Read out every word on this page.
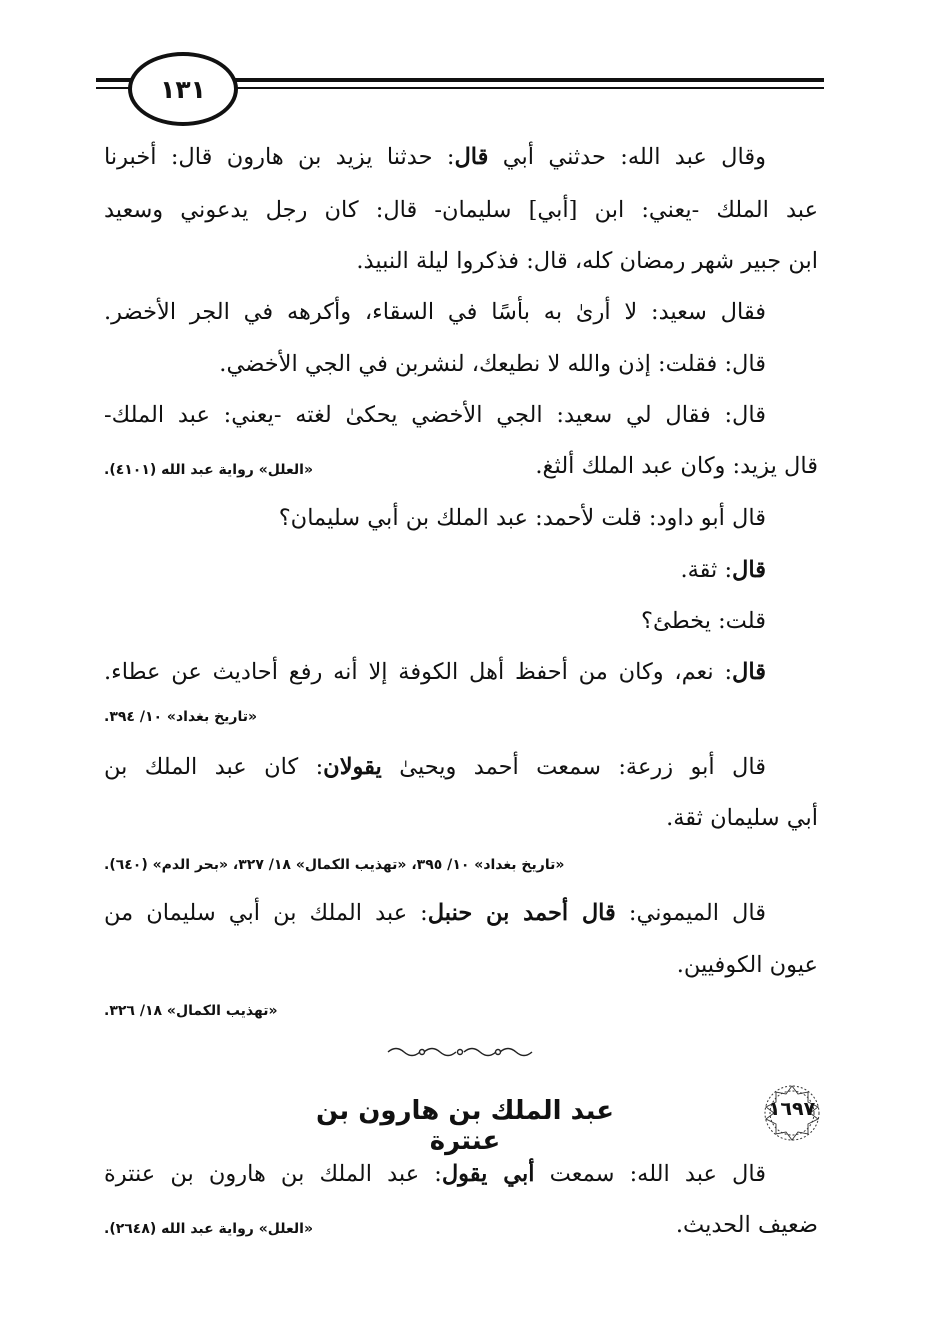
١٣١
وقال عبد الله: حدثني أبي قال: حدثنا يزيد بن هارون قال: أخبرنا
عبد الملك -يعني: ابن [أبي] سليمان- قال: كان رجل يدعوني وسعيد
ابن جبير شهر رمضان كله، قال: فذكروا ليلة النبيذ.
فقال سعيد: لا أرىٰ به بأسًا في السقاء، وأكرهه في الجر الأخضر.
قال: فقلت: إذن والله لا نطيعك، لنشربن في الجي الأخضي.
قال: فقال لي سعيد: الجي الأخضي يحكىٰ لغته -يعني: عبد الملك-
قال يزيد: وكان عبد الملك ألثغ.
«العلل» رواية عبد الله (٤١٠١).
قال أبو داود: قلت لأحمد: عبد الملك بن أبي سليمان؟
قال: ثقة.
قلت: يخطئ؟
قال: نعم، وكان من أحفظ أهل الكوفة إلا أنه رفع أحاديث عن عطاء.
«تاريخ بغداد» ١٠/ ٣٩٤.
قال أبو زرعة: سمعت أحمد ويحيىٰ يقولان: كان عبد الملك بن
أبي سليمان ثقة.
«تاريخ بغداد» ١٠/ ٣٩٥، «تهذيب الكمال» ١٨/ ٣٢٧، «بحر الدم» (٦٤٠).
قال الميموني: قال أحمد بن حنبل: عبد الملك بن أبي سليمان من
عيون الكوفيين.
«تهذيب الكمال» ١٨/ ٣٢٦.
١٦٩٧
عبد الملك بن هارون بن عنترة
قال عبد الله: سمعت أبي يقول: عبد الملك بن هارون بن عنترة
ضعيف الحديث.
«العلل» رواية عبد الله (٢٦٤٨).
